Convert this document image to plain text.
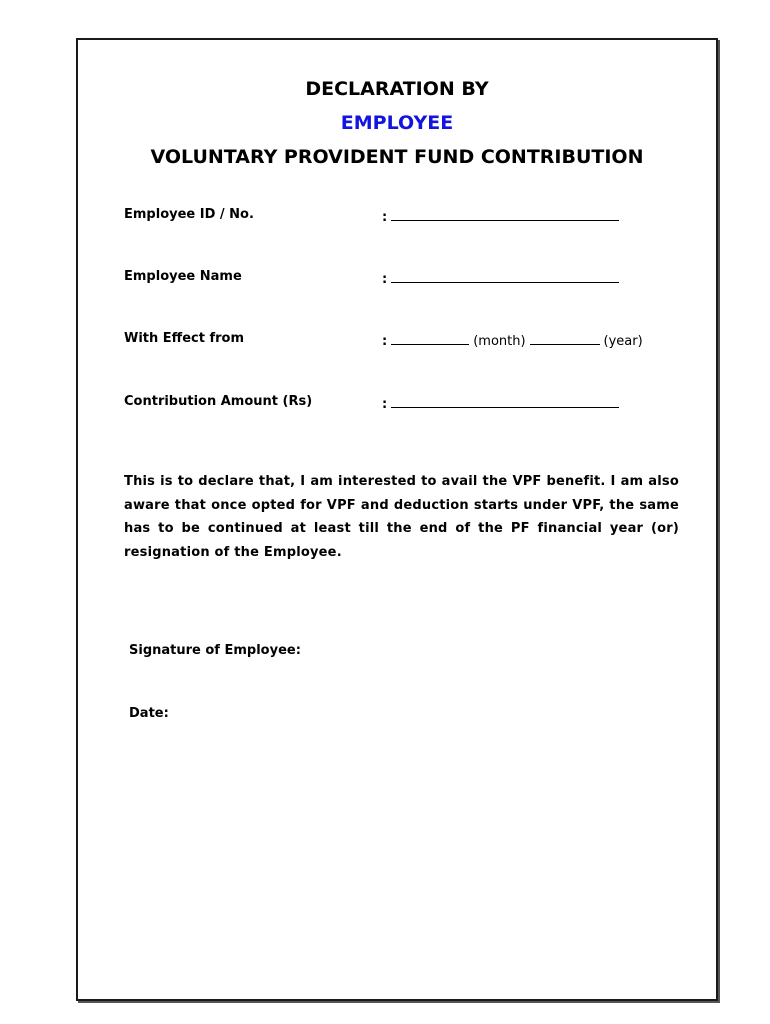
DECLARATION BY
EMPLOYEE
VOLUNTARY PROVIDENT FUND CONTRIBUTION
Employee ID / No.	:
Employee Name	:
With Effect from	:	(month)	(year)
Contribution Amount (Rs)	:
This is to declare that, I am interested to avail the VPF benefit. I am also aware that once opted for VPF and deduction starts under VPF, the same has to be continued at least till the end of the PF financial year (or) resignation of the Employee.
Signature of Employee:
Date:
